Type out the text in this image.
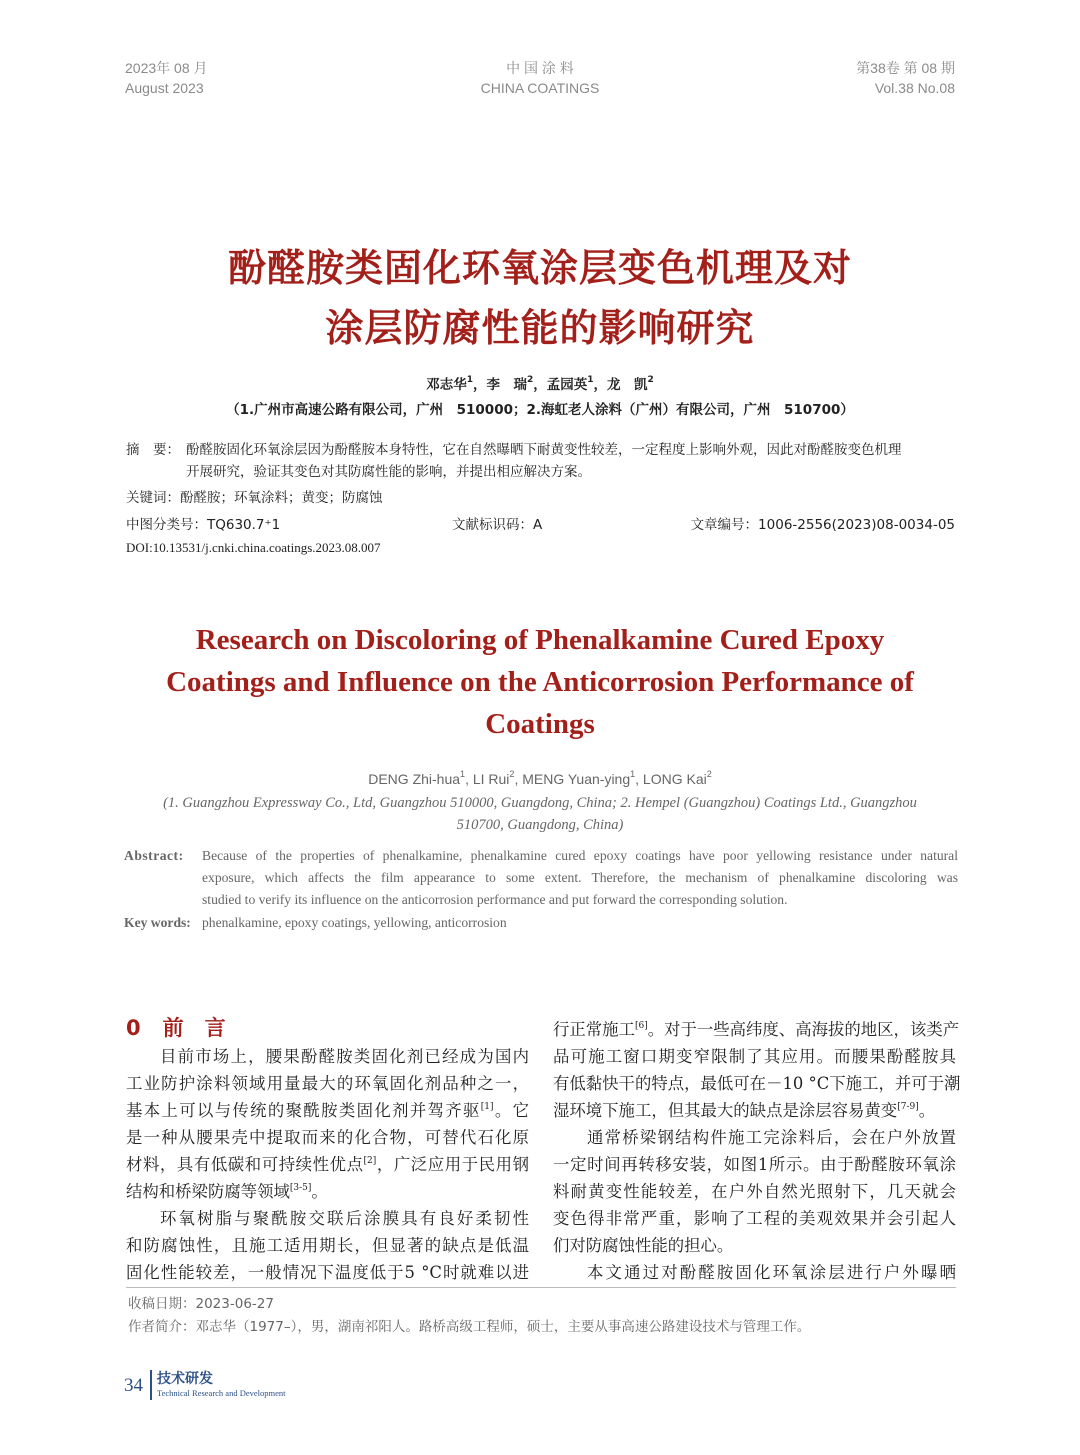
2023年 08 月
August 2023
中 国 涂 料
CHINA COATINGS
第38卷 第 08 期
Vol.38 No.08
酚醛胺类固化环氧涂层变色机理及对
涂层防腐性能的影响研究
邓志华$^1$，李　瑞$^2$，孟园英$^1$，龙　凯$^2$
（1.广州市高速公路有限公司，广州　510000；2.海虹老人涂料（广州）有限公司，广州　510700）
摘　要： 酚醛胺固化环氧涂层因为酚醛胺本身特性，它在自然曝晒下耐黄变性较差，一定程度上影响外观，因此对酚醛胺变色机理
开展研究，验证其变色对其防腐性能的影响，并提出相应解决方案。
关键词：酚醛胺；环氧涂料；黄变；防腐蚀
中图分类号：TQ630.7⁺1	文献标识码：A	文章编号：1006-2556(2023)08-0034-05
DOI:10.13531/j.cnki.china.coatings.2023.08.007
Research on Discoloring of Phenalkamine Cured Epoxy
Coatings and Influence on the Anticorrosion Performance of
Coatings
DENG Zhi-hua$^1$, LI Rui$^2$, MENG Yuan-ying$^1$, LONG Kai$^2$
(1. Guangzhou Expressway Co., Ltd, Guangzhou 510000, Guangdong, China; 2. Hempel (Guangzhou) Coatings Ltd., Guangzhou
510700, Guangdong, China)
Abstract:	Because of the properties of phenalkamine, phenalkamine cured epoxy coatings have poor yellowing resistance under natural
exposure, which affects the film appearance to some extent. Therefore, the mechanism of phenalkamine discoloring was
studied to verify its influence on the anticorrosion performance and put forward the corresponding solution.
Key words: phenalkamine, epoxy coatings, yellowing, anticorrosion
0 前　言
目前市场上，腰果酚醛胺类固化剂已经成为国内
工业防护涂料领域用量最大的环氧固化剂品种之一，
基本上可以与传统的聚酰胺类固化剂并驾齐驱[1]。它
是一种从腰果壳中提取而来的化合物，可替代石化原
材料，具有低碳和可持续性优点[2]，广泛应用于民用钢
结构和桥梁防腐等领域[3-5]。
环氧树脂与聚酰胺交联后涂膜具有良好柔韧性
和防腐蚀性，且施工适用期长，但显著的缺点是低温
固化性能较差，一般情况下温度低于5 °C时就难以进
行正常施工[6]。对于一些高纬度、高海拔的地区，该类产
品可施工窗口期变窄限制了其应用。而腰果酚醛胺具
有低黏快干的特点，最低可在－10 °C下施工，并可于潮
湿环境下施工，但其最大的缺点是涂层容易黄变[7-9]。
通常桥梁钢结构件施工完涂料后，会在户外放置
一定时间再转移安装，如图1所示。由于酚醛胺环氧涂
料耐黄变性能较差，在户外自然光照射下，几天就会
变色得非常严重，影响了工程的美观效果并会引起人
们对防腐蚀性能的担心。
本文通过对酚醛胺固化环氧涂层进行户外曝晒
收稿日期：2023-06-27
作者简介：邓志华（1977–），男，湖南祁阳人。路桥高级工程师，硕士，主要从事高速公路建设技术与管理工作。
34 技术研发
Technical Research and Development
